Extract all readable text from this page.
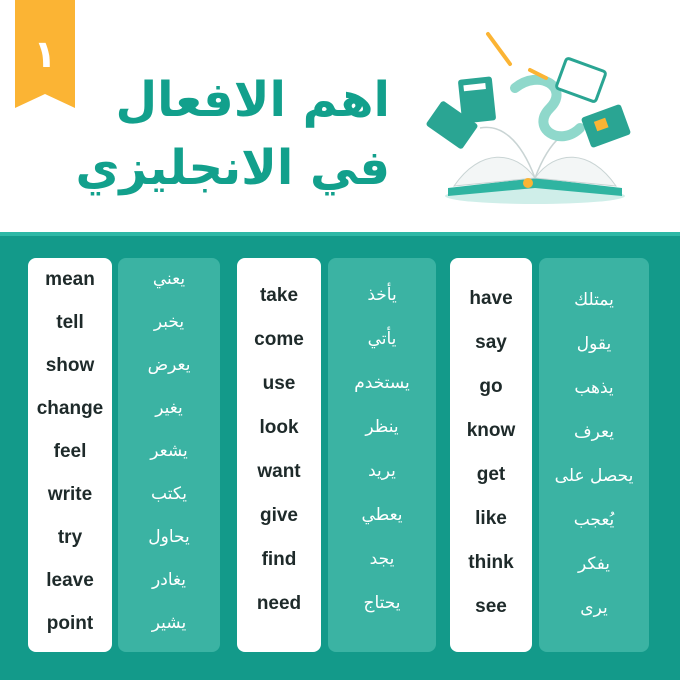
١
اهم الافعال
في الانجليزي
mean
tell
show
change
feel
write
try
leave
point
يعني
يخبر
يعرض
يغير
يشعر
يكتب
يحاول
يغادر
يشير
take
come
use
look
want
give
find
need
يأخذ
يأتي
يستخدم
ينظر
يريد
يعطي
يجد
يحتاج
have
say
go
know
get
like
think
see
يمتلك
يقول
يذهب
يعرف
يحصل على
يُعجب
يفكر
يرى
